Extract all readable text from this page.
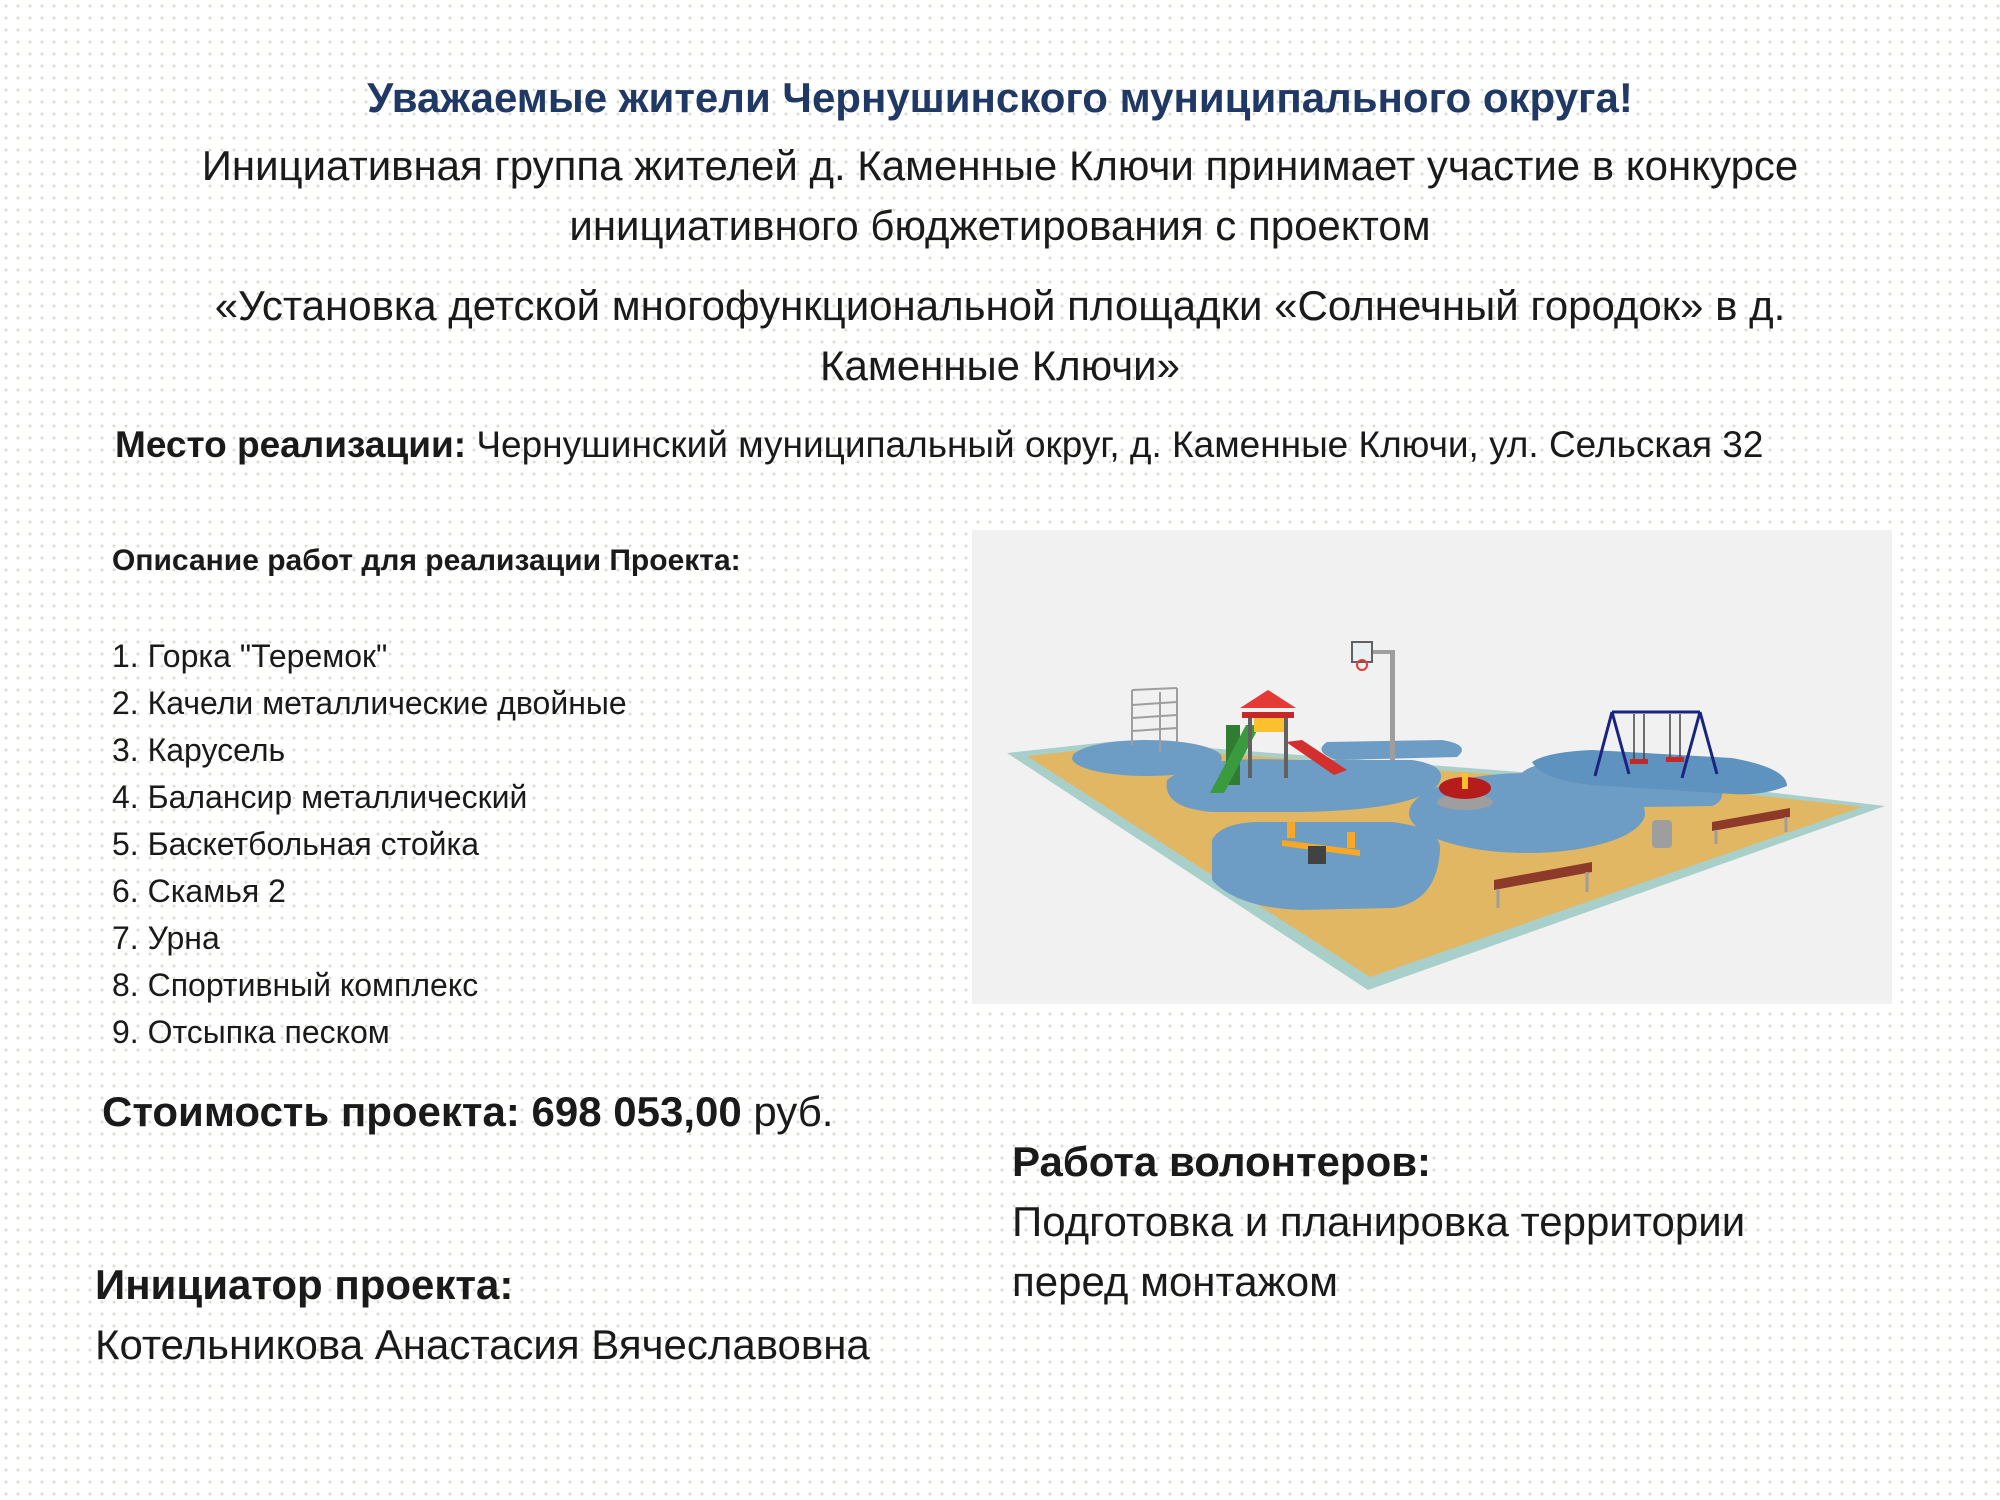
Уважаемые жители Чернушинского муниципального округа!
Инициативная группа жителей д. Каменные Ключи принимает участие в конкурсе
инициативного бюджетирования с проектом
«Установка детской многофункциональной площадки «Солнечный городок» в д.
Каменные Ключи»
Место реализации: Чернушинский муниципальный округ, д. Каменные Ключи, ул. Сельская 32
Описание работ для реализации Проекта:
1. Горка "Теремок"
2. Качели металлические двойные
3. Карусель
4. Балансир металлический
5. Баскетбольная стойка
6. Скамья 2
7. Урна
8. Спортивный комплекс
9. Отсыпка песком
Стоимость проекта: 698 053,00 руб.
Работа волонтеров:
Подготовка и планировка территории
перед монтажом
Инициатор проекта:
Котельникова Анастасия Вячеславовна
